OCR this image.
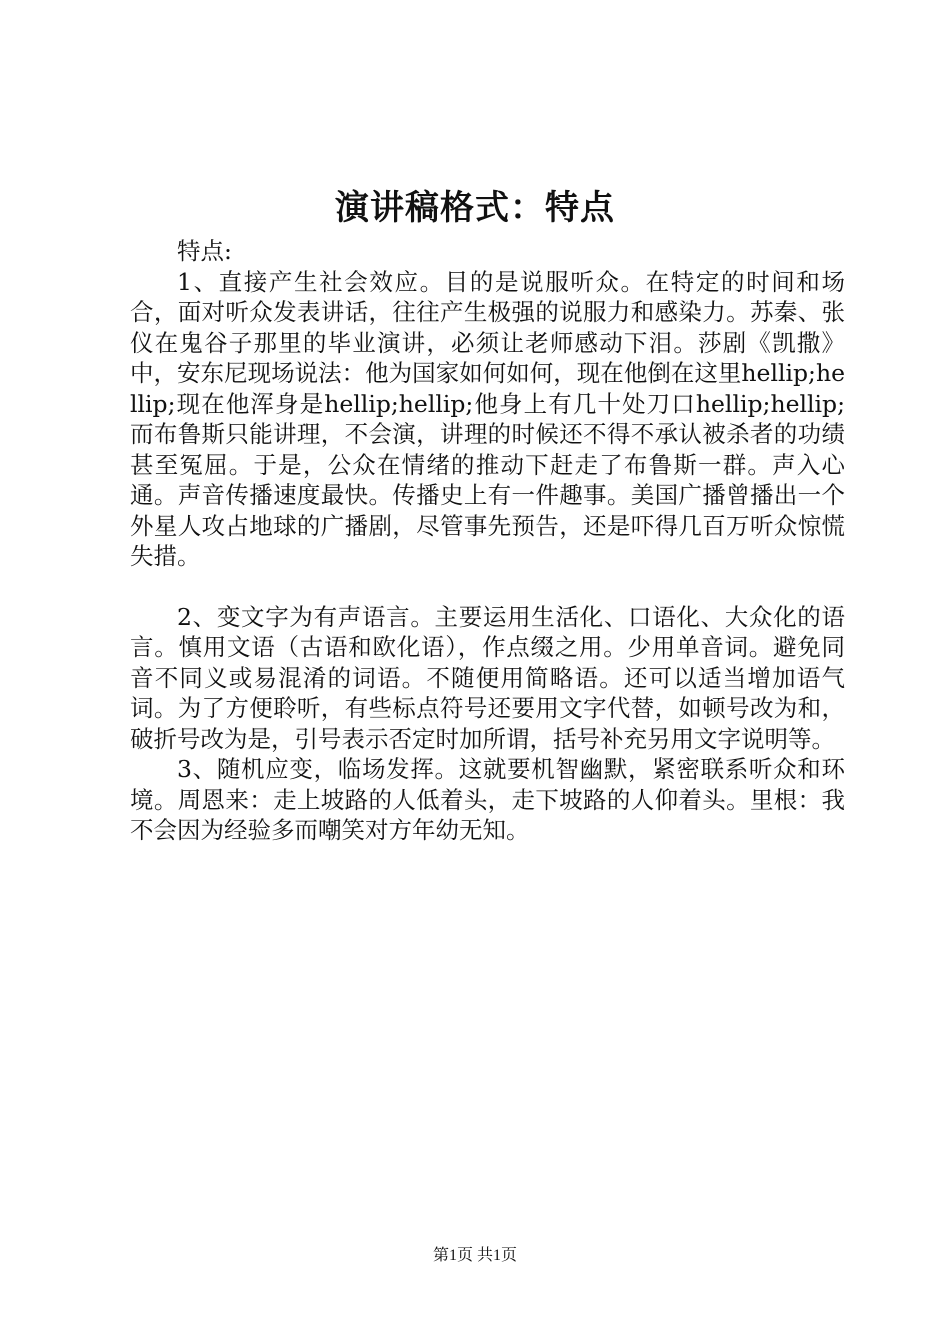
演讲稿格式：特点

特点:

1、直接产生社会效应。目的是说服听众。在特定的时间和场合，面对听众发表讲话，往往产生极强的说服力和感染力。苏秦、张仪在鬼谷子那里的毕业演讲，必须让老师感动下泪。莎剧《凯撒》中，安东尼现场说法：他为国家如何如何，现在他倒在这里hellip;hellip;现在他浑身是hellip;hellip;他身上有几十处刀口hellip;hellip;而布鲁斯只能讲理，不会演，讲理的时候还不得不承认被杀者的功绩甚至冤屈。于是，公众在情绪的推动下赶走了布鲁斯一群。声入心通。声音传播速度最快。传播史上有一件趣事。美国广播曾播出一个外星人攻占地球的广播剧，尽管事先预告，还是吓得几百万听众惊慌失措。

2、变文字为有声语言。主要运用生活化、口语化、大众化的语言。慎用文语（古语和欧化语），作点缀之用。少用单音词。避免同音不同义或易混淆的词语。不随便用简略语。还可以适当增加语气词。为了方便聆听，有些标点符号还要用文字代替，如顿号改为和，破折号改为是，引号表示否定时加所谓，括号补充另用文字说明等。

3、随机应变，临场发挥。这就要机智幽默，紧密联系听众和环境。周恩来：走上坡路的人低着头，走下坡路的人仰着头。里根：我不会因为经验多而嘲笑对方年幼无知。

第1页 共1页
